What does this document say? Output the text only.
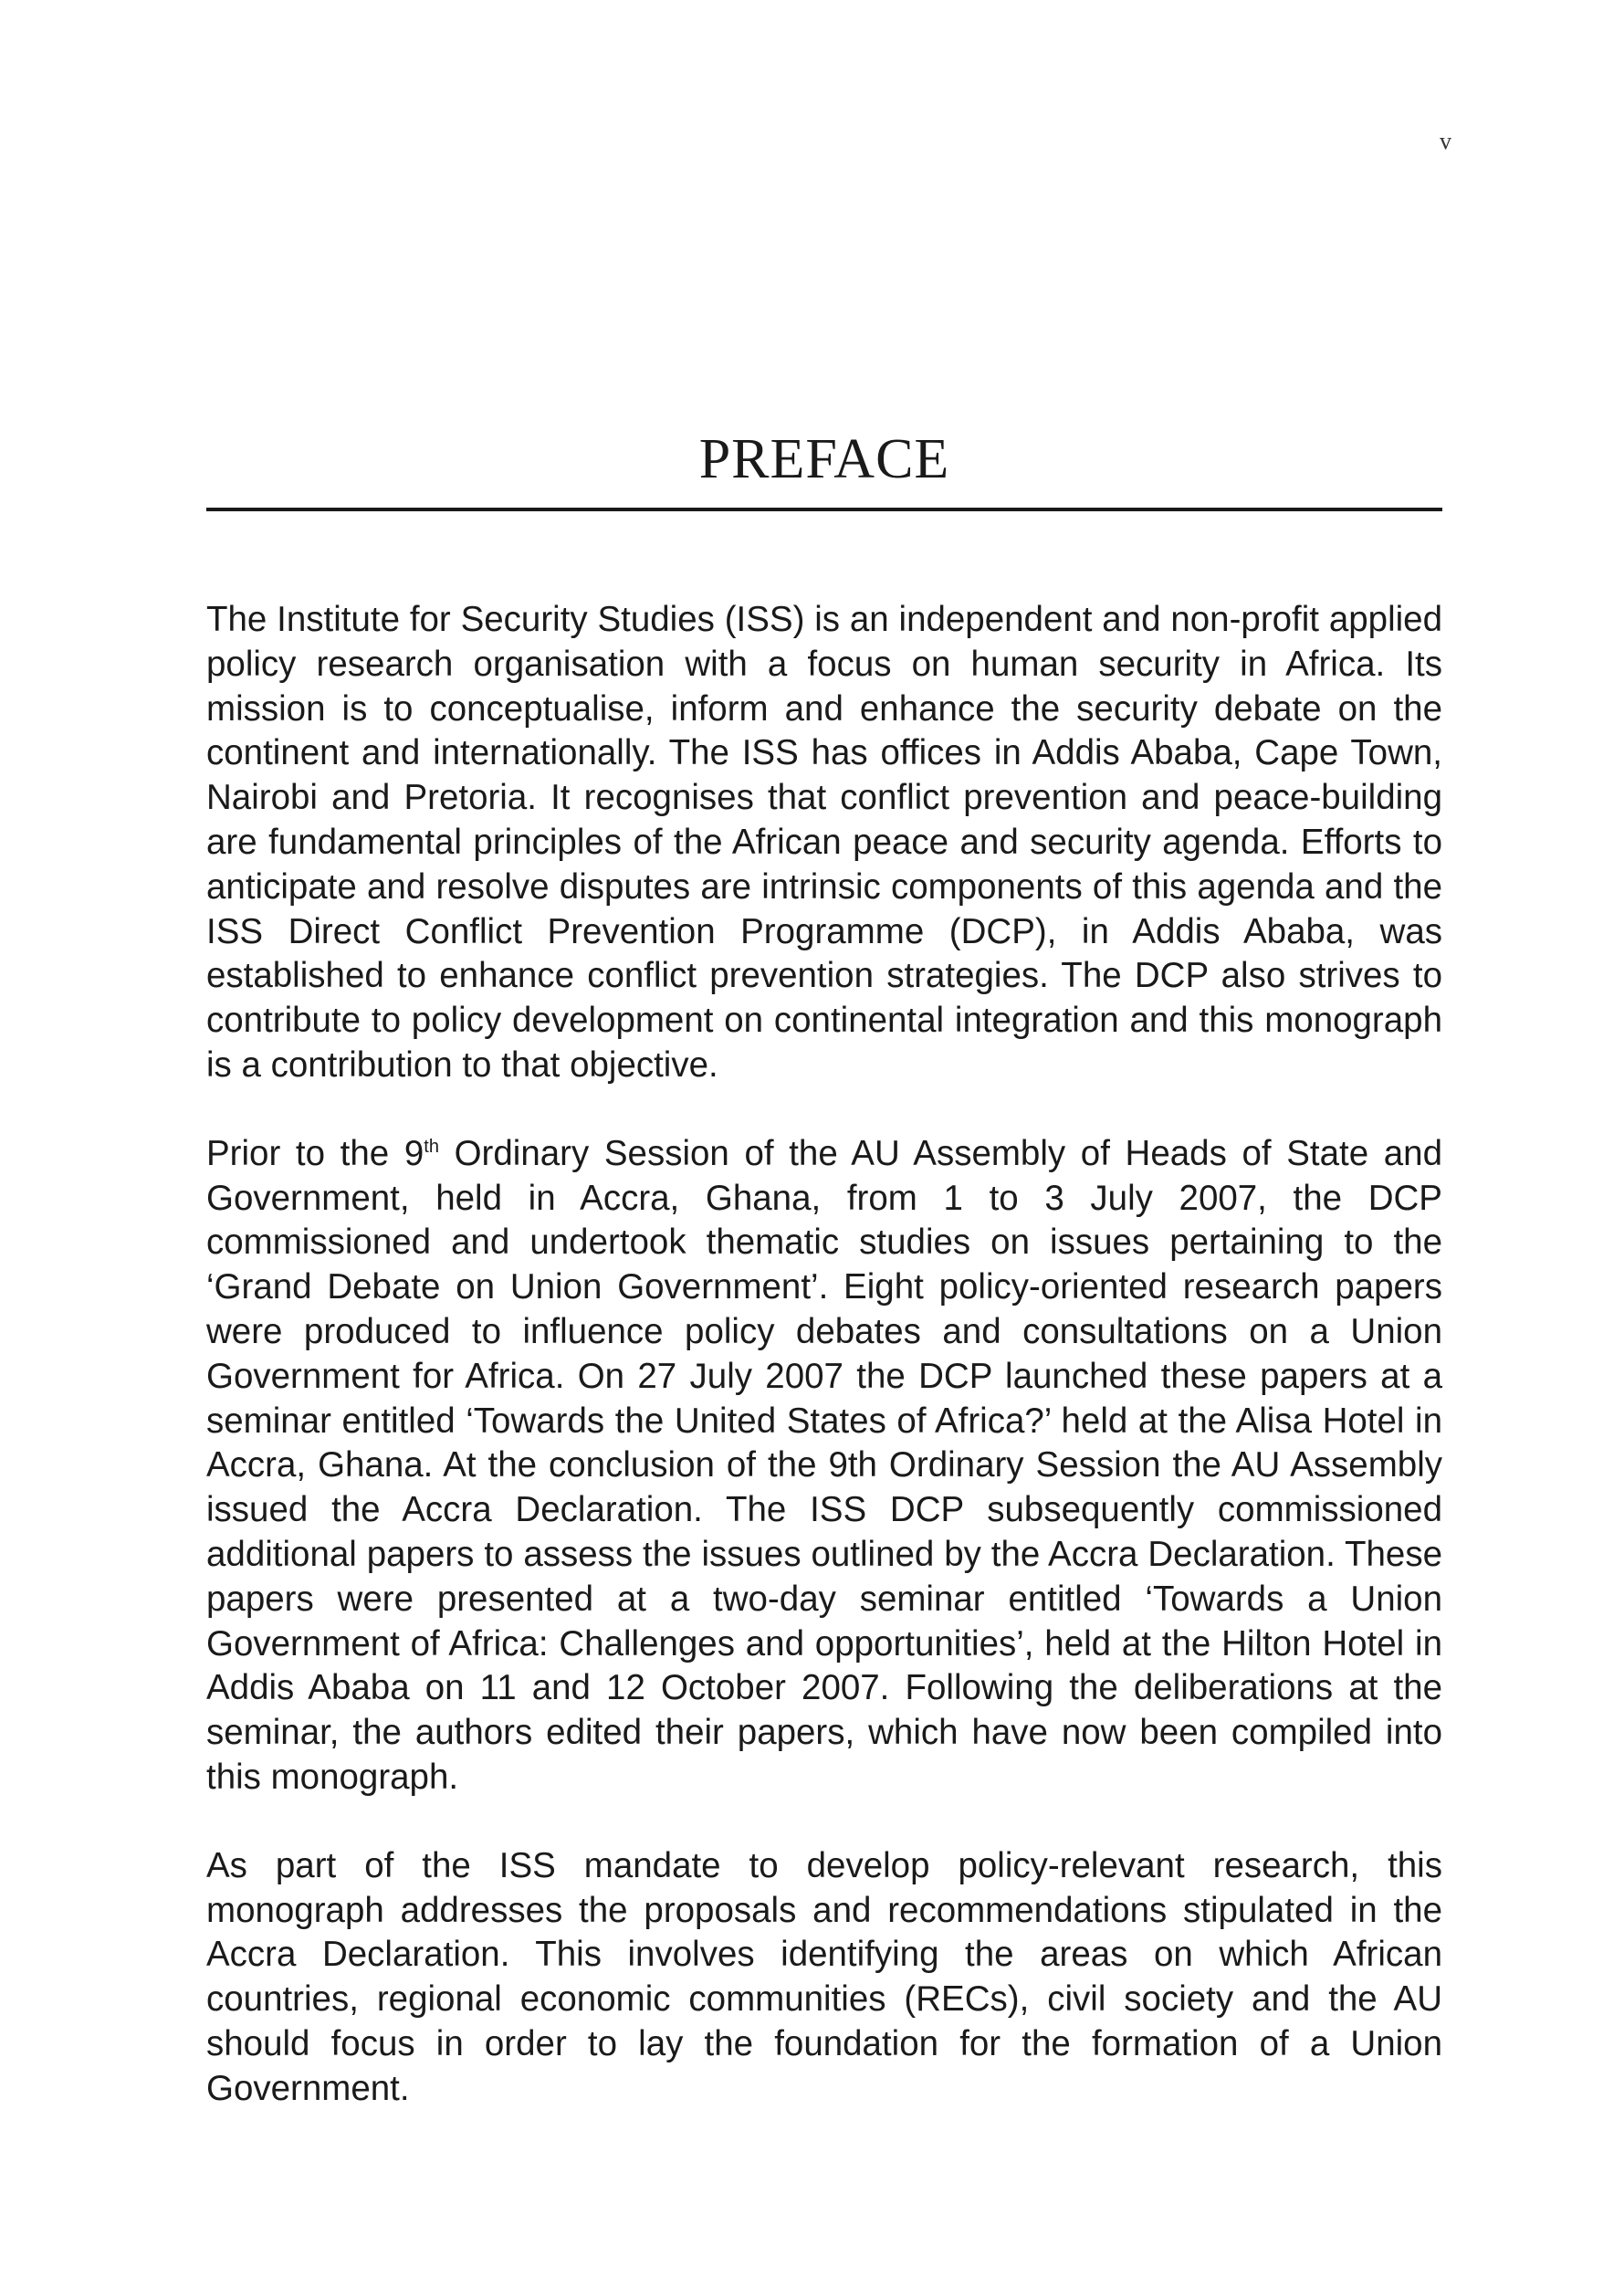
v
PREFACE

The Institute for Security Studies (ISS) is an independent and non-profit applied policy research organisation with a focus on human security in Africa. Its mission is to conceptualise, inform and enhance the security debate on the continent and internationally. The ISS has offices in Addis Ababa, Cape Town, Nairobi and Pretoria. It recognises that conflict prevention and peace-building are fundamental principles of the African peace and security agenda. Efforts to anticipate and resolve disputes are intrinsic components of this agenda and the ISS Direct Conflict Prevention Programme (DCP), in Addis Ababa, was established to enhance conflict prevention strategies. The DCP also strives to contribute to policy development on continental integration and this monograph is a contribution to that objective.

Prior to the 9th Ordinary Session of the AU Assembly of Heads of State and Government, held in Accra, Ghana, from 1 to 3 July 2007, the DCP commissioned and undertook thematic studies on issues pertaining to the ‘Grand Debate on Union Government’. Eight policy-oriented research papers were produced to influence policy debates and consultations on a Union Government for Africa. On 27 July 2007 the DCP launched these papers at a seminar entitled ‘Towards the United States of Africa?’ held at the Alisa Hotel in Accra, Ghana. At the conclusion of the 9th Ordinary Session the AU Assembly issued the Accra Declaration. The ISS DCP subsequently commissioned additional papers to assess the issues outlined by the Accra Declaration. These papers were presented at a two-day seminar entitled ‘Towards a Union Government of Africa: Challenges and opportunities’, held at the Hilton Hotel in Addis Ababa on 11 and 12 October 2007. Following the deliberations at the seminar, the authors edited their papers, which have now been compiled into this monograph.

As part of the ISS mandate to develop policy-relevant research, this monograph addresses the proposals and recommendations stipulated in the Accra Declaration. This involves identifying the areas on which African countries, regional economic communities (RECs), civil society and the AU should focus in order to lay the foundation for the formation of a Union Government.
